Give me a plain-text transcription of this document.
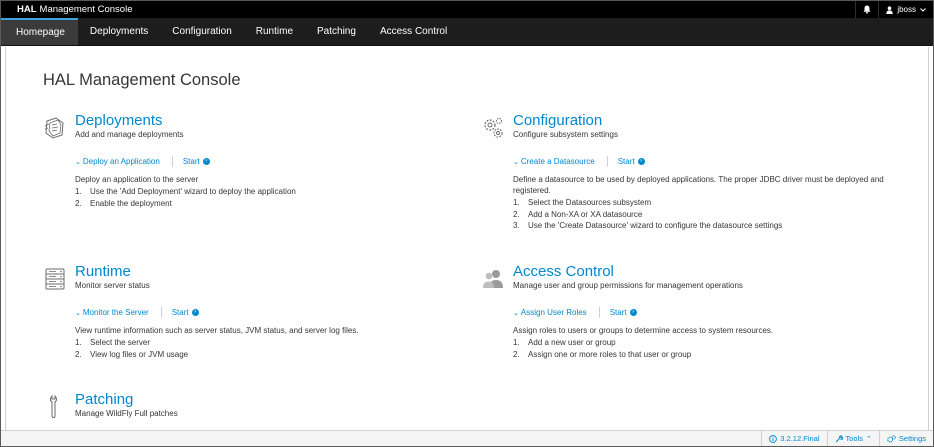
HAL Management Console	jboss
Homepage	Deployments	Configuration	Runtime	Patching	Access Control
HAL Management Console
Deployments
Add and manage deployments
⌄ Deploy an Application	Start ›
Deploy an application to the server
1.	Use the 'Add Deployment' wizard to deploy the application
2.	Enable the deployment
Configuration
Configure subsystem settings
⌄ Create a Datasource	Start ›
Define a datasource to be used by deployed applications. The proper JDBC driver must be deployed and
registered.
1.	Select the Datasources subsystem
2.	Add a Non-XA or XA datasource
3.	Use the 'Create Datasource' wizard to configure the datasource settings
Runtime
Monitor server status
⌄ Monitor the Server	Start ›
View runtime information such as server status, JVM status, and server log files.
1.	Select the server
2.	View log files or JVM usage
Access Control
Manage user and group permissions for management operations
⌄ Assign User Roles	Start ›
Assign roles to users or groups to determine access to system resources.
1.	Add a new user or group
2.	Assign one or more roles to that user or group
Patching
Manage WildFly Full patches
3.2.12.Final	Tools ⌃	Settings
